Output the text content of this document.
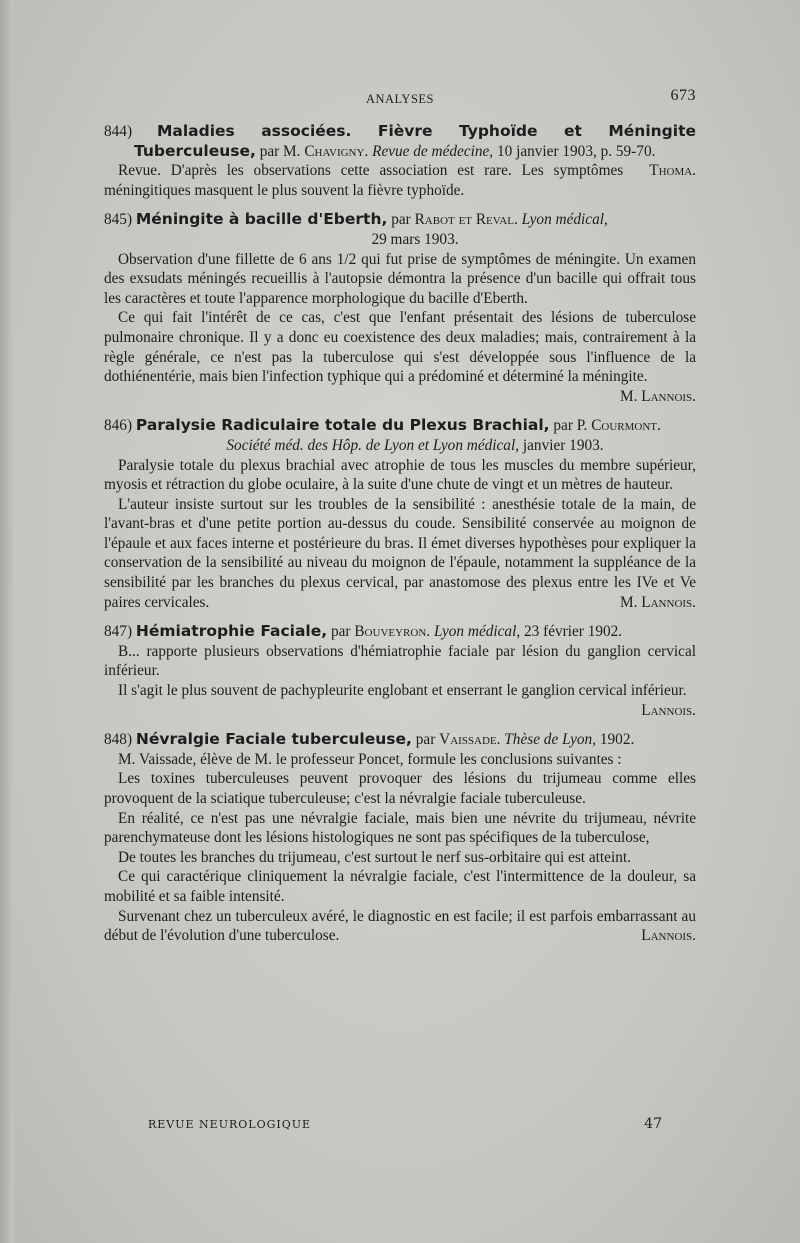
ANALYSES	673
844) Maladies associées. Fièvre Typhoïde et Méningite Tuberculeuse, par M. Chavigny. Revue de médecine, 10 janvier 1903, p. 59-70.

Thoma.
Revue. D'après les observations cette association est rare. Les symptômes méningitiques masquent le plus souvent la fièvre typhoïde.

845) Méningite à bacille d'Eberth, par Rabot et Reval. Lyon médical,
29 mars 1903.

Observation d'une fillette de 6 ans 1/2 qui fut prise de symptômes de méningite. Un examen des exsudats méningés recueillis à l'autopsie démontra la présence d'un bacille qui offrait tous les caractères et toute l'apparence morphologique du bacille d'Eberth.

Ce qui fait l'intérêt de ce cas, c'est que l'enfant présentait des lésions de tuberculose pulmonaire chronique. Il y a donc eu coexistence des deux maladies; mais, contrairement à la règle générale, ce n'est pas la tuberculose qui s'est développée sous l'influence de la dothiénentérie, mais bien l'infection typhique qui a prédominé et déterminé la méningite.
M. Lannois.

846) Paralysie Radiculaire totale du Plexus Brachial, par P. Courmont.
Société méd. des Hôp. de Lyon et Lyon médical, janvier 1903.

Paralysie totale du plexus brachial avec atrophie de tous les muscles du membre supérieur, myosis et rétraction du globe oculaire, à la suite d'une chute de vingt et un mètres de hauteur.

L'auteur insiste surtout sur les troubles de la sensibilité : anesthésie totale de la main, de l'avant-bras et d'une petite portion au-dessus du coude. Sensibilité conservée au moignon de l'épaule et aux faces interne et postérieure du bras. Il émet diverses hypothèses pour expliquer la conservation de la sensibilité au niveau du moignon de l'épaule, notamment la suppléance de la sensibilité par les branches du plexus cervical, par anastomose des plexus entre les IVe et Ve paires cervicales.	M. Lannois.

847) Hémiatrophie Faciale, par Bouveyron. Lyon médical, 23 février 1902.

B... rapporte plusieurs observations d'hémiatrophie faciale par lésion du ganglion cervical inférieur.

Il s'agit le plus souvent de pachypleurite englobant et enserrant le ganglion cervical inférieur.
Lannois.

848) Névralgie Faciale tuberculeuse, par Vaissade. Thèse de Lyon, 1902.

M. Vaissade, élève de M. le professeur Poncet, formule les conclusions suivantes :

Les toxines tuberculeuses peuvent provoquer des lésions du trijumeau comme elles provoquent de la sciatique tuberculeuse; c'est la névralgie faciale tuberculeuse.

En réalité, ce n'est pas une névralgie faciale, mais bien une névrite du trijumeau, névrite parenchymateuse dont les lésions histologiques ne sont pas spécifiques de la tuberculose,

De toutes les branches du trijumeau, c'est surtout le nerf sus-orbitaire qui est atteint.

Ce qui caractérique cliniquement la névralgie faciale, c'est l'intermittence de la douleur, sa mobilité et sa faible intensité.

Survenant chez un tuberculeux avéré, le diagnostic en est facile; il est parfois embarrassant au début de l'évolution d'une tuberculose.	Lannois.

REVUE NEUROLOGIQUE	47
